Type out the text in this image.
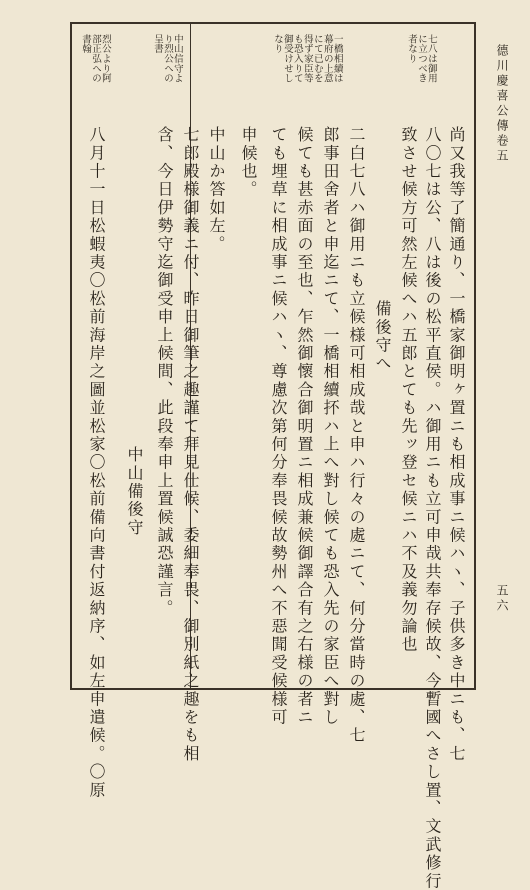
德川慶喜公傳卷五
五六
七八は御用に立つべき者なり
一橋相續は幕府の上意にて已むを得ず家臣等も恐入りて御受けせしなり
中山信守より烈公への呈書
烈公より阿部正弘への書翰
尚又我等了簡通り、一橋家御明ヶ置ニも相成事ニ候ハヽ、子供多き中ニも、七
八〇七は公、八は後の松平直侯。ハ御用ニも立可申哉共奉存候故、今暫國へさし置、文武修行
致させ候方可然左候へハ五郎とても先ッ登セ候ニハ不及義勿論也
備後守へ
二白七八ハ御用ニも立候様可相成哉と申ハ行々の處ニて、何分當時の處、七
郎事田舍者と申迄ニて、一橋相續抔ハ上へ對し候ても恐入先の家臣へ對し
候ても甚赤面の至也、乍然御懷合御明置ニ相成兼候御譯合有之右様の者ニ
ても埋草に相成事ニ候ハヽ、尊慮次第何分奉畏候故勢州へ不惡聞受候様可
申候也。
中山か答如左。
七郎殿様御義ニ付、昨日御筆之趣謹て拜見仕候、委細奉畏、御別紙之趣をも相
含、今日伊勢守迄御受申上候間、此段奉申上置候誠恐謹言。
中山備後守
八月十一日松蝦夷〇松前海岸之圖並松家〇松前備向書付返納序、如左申遣候。〇原
